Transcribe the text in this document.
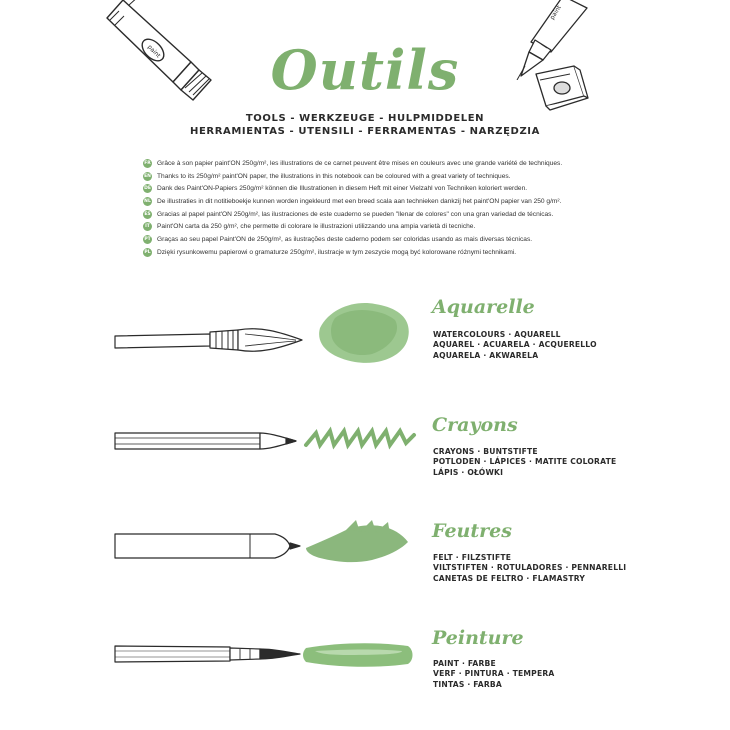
paint
paint
Outils
TOOLS - WERKZEUGE - HULPMIDDELEN
HERRAMIENTAS - UTENSILI - FERRAMENTAS - NARZĘDZIA
FR Grâce à son papier paint'ON 250g/m², les illustrations de ce carnet peuvent être mises en couleurs avec une grande variété de techniques.
EN Thanks to its 250g/m² paint'ON paper, the illustrations in this notebook can be coloured with a great variety of techniques.
DE Dank des Paint'ON-Papiers 250g/m² können die Illustrationen in diesem Heft mit einer Vielzahl von Techniken koloriert werden.
NL De illustraties in dit notitieboekje kunnen worden ingekleurd met een breed scala aan technieken dankzij het paint'ON papier van 250 g/m².
ES Gracias al papel paint'ON 250g/m², las ilustraciones de este cuaderno se pueden "llenar de colores" con una gran variedad de técnicas.
IT	Paint'ON carta da 250 g/m², che permette di colorare le illustrazioni utilizzando una ampia varietà di tecniche.
PT Graças ao seu papel Paint'ON de 250g/m², as ilustrações deste caderno podem ser coloridas usando as mais diversas técnicas.
PL Dzięki rysunkowemu papierowi o gramaturze 250g/m², ilustracje w tym zeszycie mogą być kolorowane różnymi technikami.
Aquarelle
WATERCOLOURS · AQUARELL
AQUAREL · ACUARELA · ACQUERELLO
AQUARELA · AKWARELA
Crayons
CRAYONS · BUNTSTIFTE
POTLODEN · LÁPICES · MATITE COLORATE
LÁPIS · OŁÓWKI
Feutres
FELT · FILZSTIFTE
VILTSTIFTEN · ROTULADORES · PENNARELLI
CANETAS DE FELTRO · FLAMASTRY
Peinture
PAINT · FARBE
VERF · PINTURA · TEMPERA
TINTAS · FARBA
